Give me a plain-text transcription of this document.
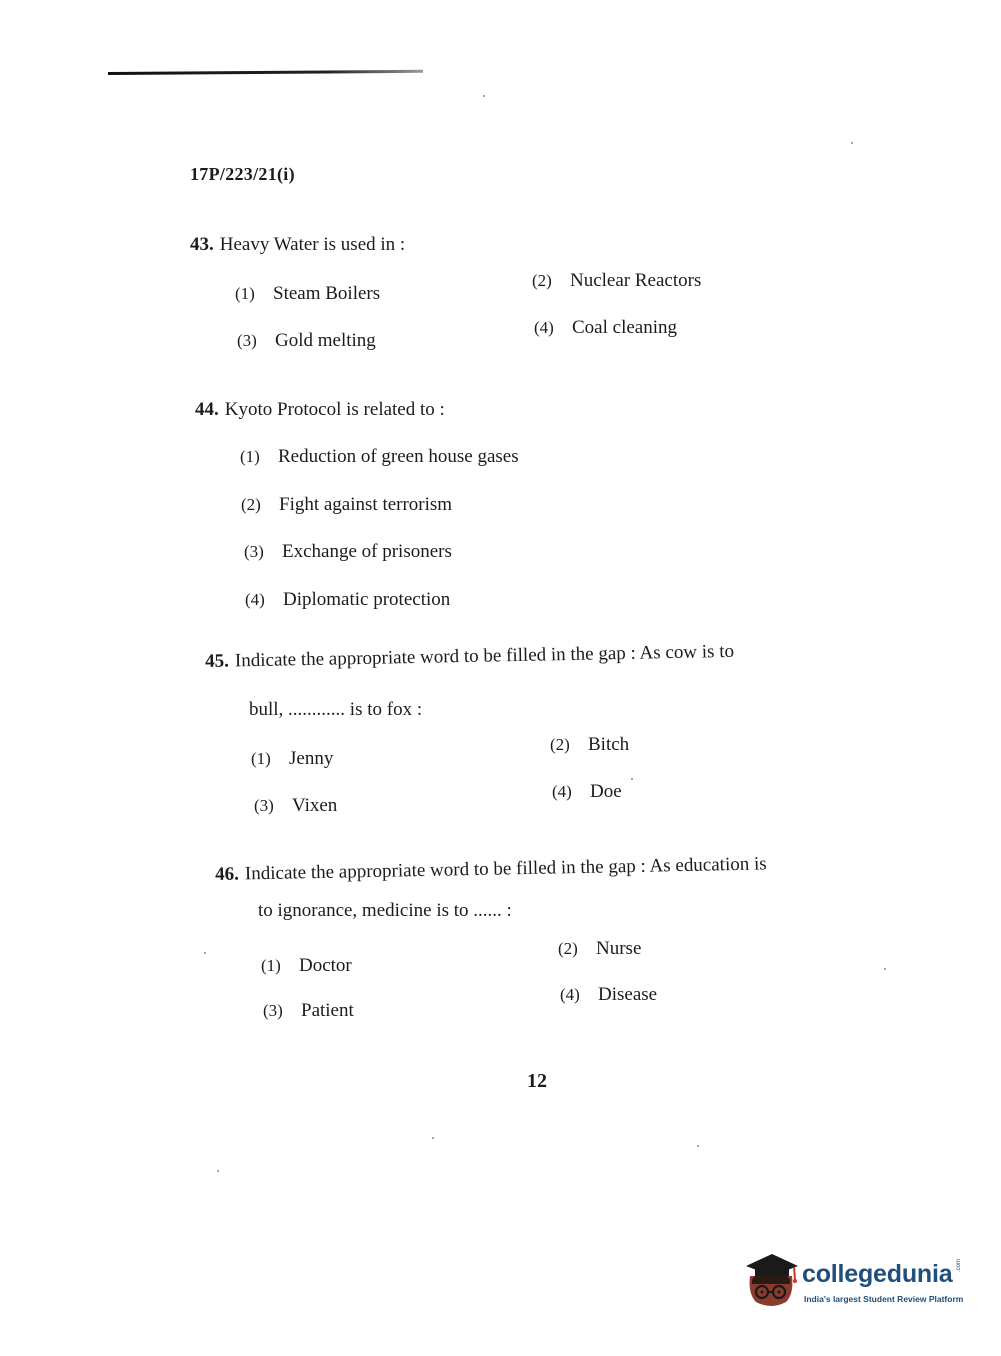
17P/223/21(i)
43. Heavy Water is used in :
(1) Steam Boilers
(2) Nuclear Reactors
(3) Gold melting
(4) Coal cleaning
44. Kyoto Protocol is related to :
(1) Reduction of green house gases
(2) Fight against terrorism
(3) Exchange of prisoners
(4) Diplomatic protection
45. Indicate the appropriate word to be filled in the gap : As cow is to
bull, ............ is to fox :
(1) Jenny
(2) Bitch
(3) Vixen
(4) Doe
46. Indicate the appropriate word to be filled in the gap : As education is
to ignorance, medicine is to ...... :
(1) Doctor
(2) Nurse
(3) Patient
(4) Disease
12
collegedunia .com
India's largest Student Review Platform
